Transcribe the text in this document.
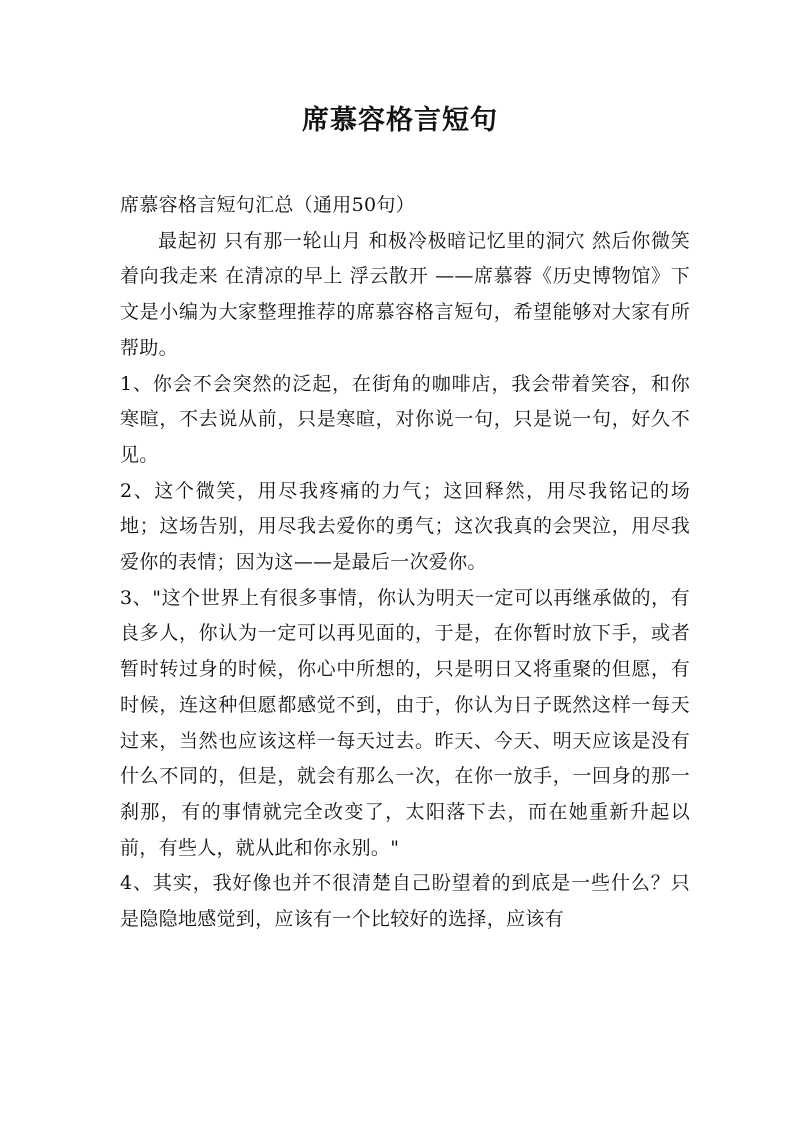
席慕容格言短句

席慕容格言短句汇总（通用50句）

最起初 只有那一轮山月 和极冷极暗记忆里的洞穴 然后你微笑着向我走来 在清凉的早上 浮云散开 ——席慕蓉《历史博物馆》下文是小编为大家整理推荐的席慕容格言短句，希望能够对大家有所帮助。

1、你会不会突然的泛起，在街角的咖啡店，我会带着笑容，和你寒暄，不去说从前，只是寒暄，对你说一句，只是说一句，好久不见。

2、这个微笑，用尽我疼痛的力气；这回释然，用尽我铭记的场地；这场告别，用尽我去爱你的勇气；这次我真的会哭泣，用尽我爱你的表情；因为这——是最后一次爱你。

3、"这个世界上有很多事情，你认为明天一定可以再继承做的，有良多人，你认为一定可以再见面的，于是，在你暂时放下手，或者暂时转过身的时候，你心中所想的，只是明日又将重聚的但愿，有时候，连这种但愿都感觉不到，由于，你认为日子既然这样一每天过来，当然也应该这样一每天过去。昨天、今天、明天应该是没有什么不同的，但是，就会有那么一次，在你一放手，一回身的那一刹那，有的事情就完全改变了，太阳落下去，而在她重新升起以前，有些人，就从此和你永别。"

4、其实，我好像也并不很清楚自己盼望着的到底是一些什么？只是隐隐地感觉到，应该有一个比较好的选择，应该有
